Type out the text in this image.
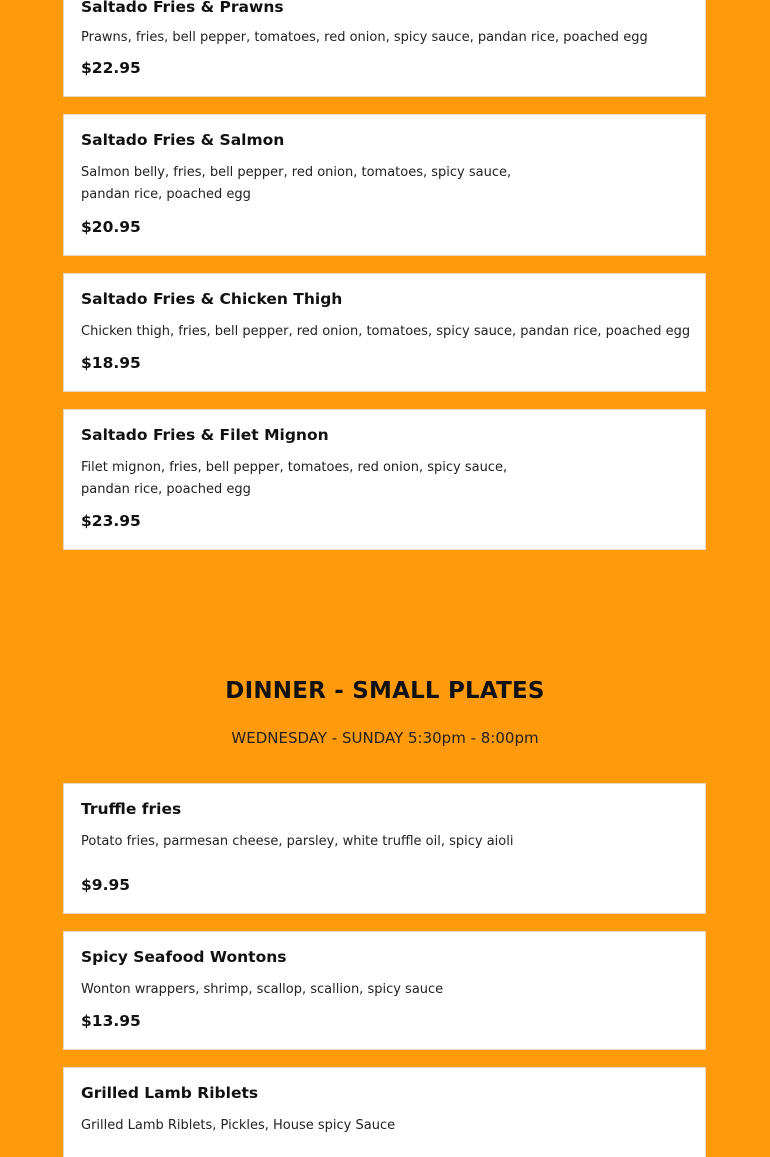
Saltado Fries & Prawns
Prawns, fries, bell pepper, tomatoes, red onion, spicy sauce, pandan rice, poached egg
$22.95
Saltado Fries & Salmon
Salmon belly, fries, bell pepper, red onion, tomatoes, spicy sauce, pandan rice, poached egg
$20.95
Saltado Fries & Chicken Thigh
Chicken thigh, fries, bell pepper, red onion, tomatoes, spicy sauce, pandan rice, poached egg
$18.95
Saltado Fries & Filet Mignon
Filet mignon, fries, bell pepper, tomatoes, red onion, spicy sauce, pandan rice, poached egg
$23.95
DINNER - SMALL PLATES
WEDNESDAY - SUNDAY 5:30pm - 8:00pm
Truffle fries
Potato fries, parmesan cheese, parsley, white truffle oil, spicy aioli
$9.95
Spicy Seafood Wontons
Wonton wrappers, shrimp, scallop, scallion, spicy sauce
$13.95
Grilled Lamb Riblets
Grilled Lamb Riblets, Pickles, House spicy Sauce
